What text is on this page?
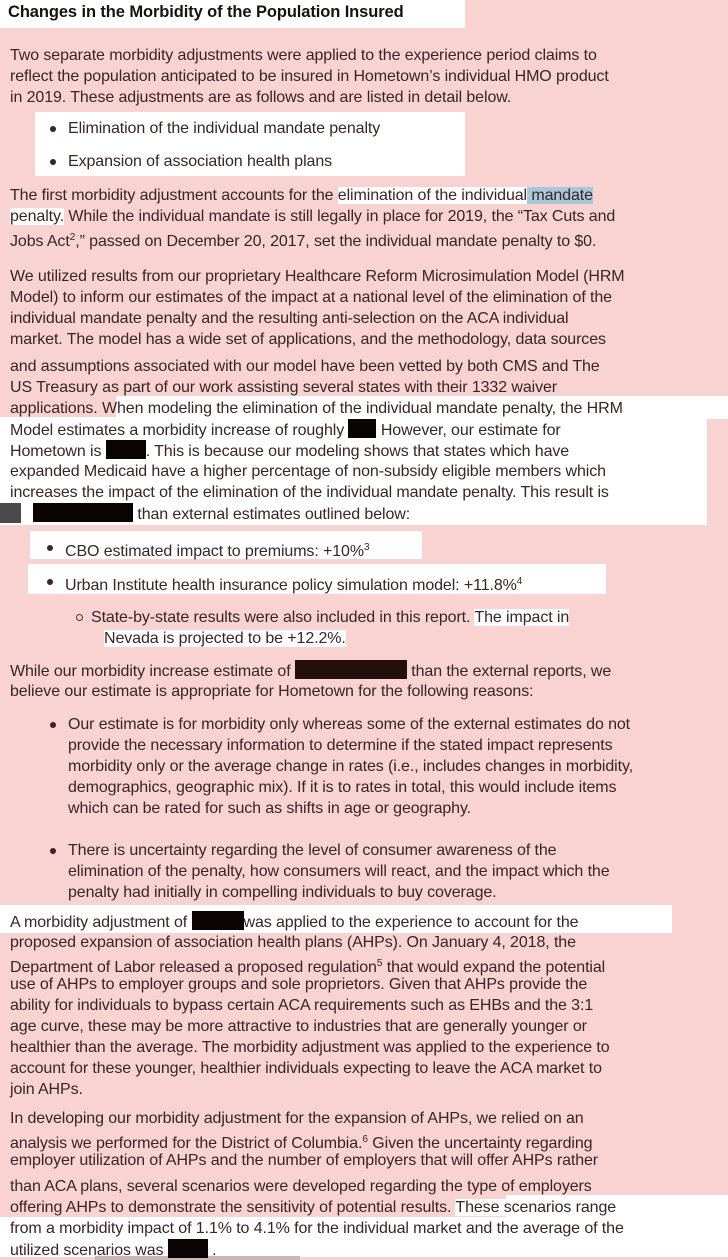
Changes in the Morbidity of the Population Insured
Two separate morbidity adjustments were applied to the experience period claims to
reflect the population anticipated to be insured in Hometown’s individual HMO product
in 2019. These adjustments are as follows and are listed in detail below.
Elimination of the individual mandate penalty
Expansion of association health plans
The first morbidity adjustment accounts for the elimination of the individual mandate
penalty. While the individual mandate is still legally in place for 2019, the “Tax Cuts and
Jobs Act$^2$,” passed on December 20, 2017, set the individual mandate penalty to $0.
We utilized results from our proprietary Healthcare Reform Microsimulation Model (HRM
Model) to inform our estimates of the impact at a national level of the elimination of the
individual mandate penalty and the resulting anti-selection on the ACA individual
market. The model has a wide set of applications, and the methodology, data sources
and assumptions associated with our model have been vetted by both CMS and The
US Treasury as part of our work assisting several states with their 1332 waiver
applications. When modeling the elimination of the individual mandate penalty, the HRM
Model estimates a morbidity increase of roughly  However, our estimate for
Hometown is	. This is because our modeling shows that states which have
expanded Medicaid have a higher percentage of non-subsidy eligible members which
increases the impact of the elimination of the individual mandate penalty. This result is
than external estimates outlined below:
CBO estimated impact to premiums: +10%$^3$
Urban Institute health insurance policy simulation model: +11.8%$^4$
State-by-state results were also included in this report. The impact in
Nevada is projected to be +12.2%.
While our morbidity increase estimate of	than the external reports, we
believe our estimate is appropriate for Hometown for the following reasons:
Our estimate is for morbidity only whereas some of the external estimates do not
provide the necessary information to determine if the stated impact represents
morbidity only or the average change in rates (i.e., includes changes in morbidity,
demographics, geographic mix). If it is to rates in total, this would include items
which can be rated for such as shifts in age or geography.
There is uncertainty regarding the level of consumer awareness of the
elimination of the penalty, how consumers will react, and the impact which the
penalty had initially in compelling individuals to buy coverage.
A morbidity adjustment of	was applied to the experience to account for the
proposed expansion of association health plans (AHPs). On January 4, 2018, the
Department of Labor released a proposed regulation$^5$ that would expand the potential
use of AHPs to employer groups and sole proprietors. Given that AHPs provide the
ability for individuals to bypass certain ACA requirements such as EHBs and the 3:1
age curve, these may be more attractive to industries that are generally younger or
healthier than the average. The morbidity adjustment was applied to the experience to
account for these younger, healthier individuals expecting to leave the ACA market to
join AHPs.
In developing our morbidity adjustment for the expansion of AHPs, we relied on an
analysis we performed for the District of Columbia.$^6$ Given the uncertainty regarding
employer utilization of AHPs and the number of employers that will offer AHPs rather
than ACA plans, several scenarios were developed regarding the type of employers
offering AHPs to demonstrate the sensitivity of potential results. These scenarios range
from a morbidity impact of 1.1% to 4.1% for the individual market and the average of the
utilized scenarios was	.
